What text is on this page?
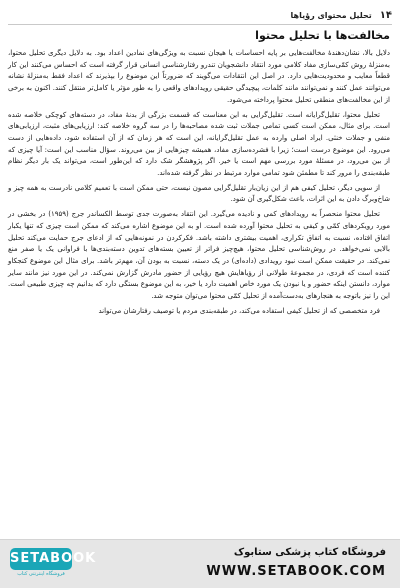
۱۴
تحلیل محتوای رؤیاها
مخالفت‌ها با تحلیل محتوا

دلایل بالا، نشان‌دهندهٔ مخالفت‌هایی بر پایه احساسات یا هیجان نسبت به ویژگی‌های نمادین اعداد بود. به دلایل دیگری تحلیل محتوا، به‌منزلهٔ روش کمّی‌سازی مفاد کلامی مورد انتقاد دانشجویان تندرو رفتارشناسی انسانی قرار گرفته است که احساس می‌کنند این کار قطعاً معایب و محدودیت‌هایی دارد. در اصل این انتقادات می‌گویند که ضرورتاً این موضوع را بپذیرند که اعداد فقط به‌منزلهٔ نشانه می‌توانند عمل کنند و نمی‌توانند مانند کلمات، پیچیدگی حقیقی رویدادهای واقعی را به طور مؤثر یا کامل‌تر منتقل کنند. اکنون به برخی از این مخالفت‌های منطقی تحلیل محتوا پرداخته می‌شود.

تحلیل محتوا، تقلیل‌گرایانه است. تقلیل‌گرایی به این معناست که قسمت بزرگی از بدنهٔ مفاد، در دسته‌های کوچکی خلاصه شده است. برای مثال، ممکن است کسی تمامی جملات ثبت شده مصاحبه‌ها را در سه گروه خلاصه کند: ارزیابی‌های مثبت، ارزیابی‌های منفی و جملات خنثی. ایراد اصلی وارده به عمل تقلیل‌گرایانه، این است که هر زمان که از آن استفاده شود، داده‌هایی از دست می‌رود. این موضوع درست است؛ زیرا با فشرده‌سازی مفاد، همیشه چیزهایی از بین می‌روند. سؤال مناسب این است: آیا چیزی که از بین می‌رود، در مسئلهٔ مورد بررسی مهم است یا خیر. اگر پژوهشگر شک دارد که این‌طور است، می‌تواند یک بار دیگر نظام طبقه‌بندی را مرور کند تا مطمئن شود تمامی موارد مرتبط در نظر گرفته شده‌اند.

از سویی دیگر، تحلیل کیفی هم از این زیان‌بار تقلیل‌گرایی مصون نیست، حتی ممکن است با تعمیم کلامی نادرست به همه چیز و شاخ‌وبرگ دادن به این اثرات، باعث شکل‌گیری آن شود.

تحلیل محتوا منحصراً به رویدادهای کمی و نادیده می‌گیرد. این انتقاد به‌صورت جدی توسط الکساندر جرج (۱۹۵۹) در بخشی در مورد رویکردهای کمّی و کیفی به تحلیل محتوا آورده شده است. او به این موضوع اشاره می‌کند که ممکن است چیزی که تنها یکبار اتفاق افتاده، نسبت به اتفاق تکراری، اهمیت بیشتری داشته باشد. فکرکردن در نمونه‌هایی که از ادعای جرج حمایت می‌کند تحلیل بالایی نمی‌خواهد. در روش‌شناسی تحلیل محتوا، هیچ‌چیز فراتر از تعیین بسته‌های تدوین دسته‌بندی‌ها با فراوانی یک یا صفر منع نمی‌کند. در حقیقت ممکن است نبود رویدادی (داده‌ای) در یک دسته، نسبت به بودن آن، مهم‌تر باشد. برای مثال این موضوع کنجکاو کننده است که فردی، در مجموعهٔ طولانی از رؤیاهایش هیچ رؤیایی از حضور مادرش گزارش نمی‌کند. در این مورد نیز مانند سایر موارد، دانستن اینکه حضور و یا نبودن یک مورد خاص اهمیت دارد یا خیر، به این موضوع بستگی دارد که بدانیم چه چیزی طبیعی است. این را نیز باتوجه به هنجارهای به‌دست‌آمده از تحلیل کمّی محتوا می‌توان متوجه شد.

فرد متخصصی که از تحلیل کیفی استفاده می‌کند، در طبقه‌بندی مردم یا توصیف رفتارشان می‌تواند

SETABOOK
فروشگاه اینترنتی کتاب
فروشگاه کتاب پزشکی ستابوک
WWW.SETABOOK.COM
